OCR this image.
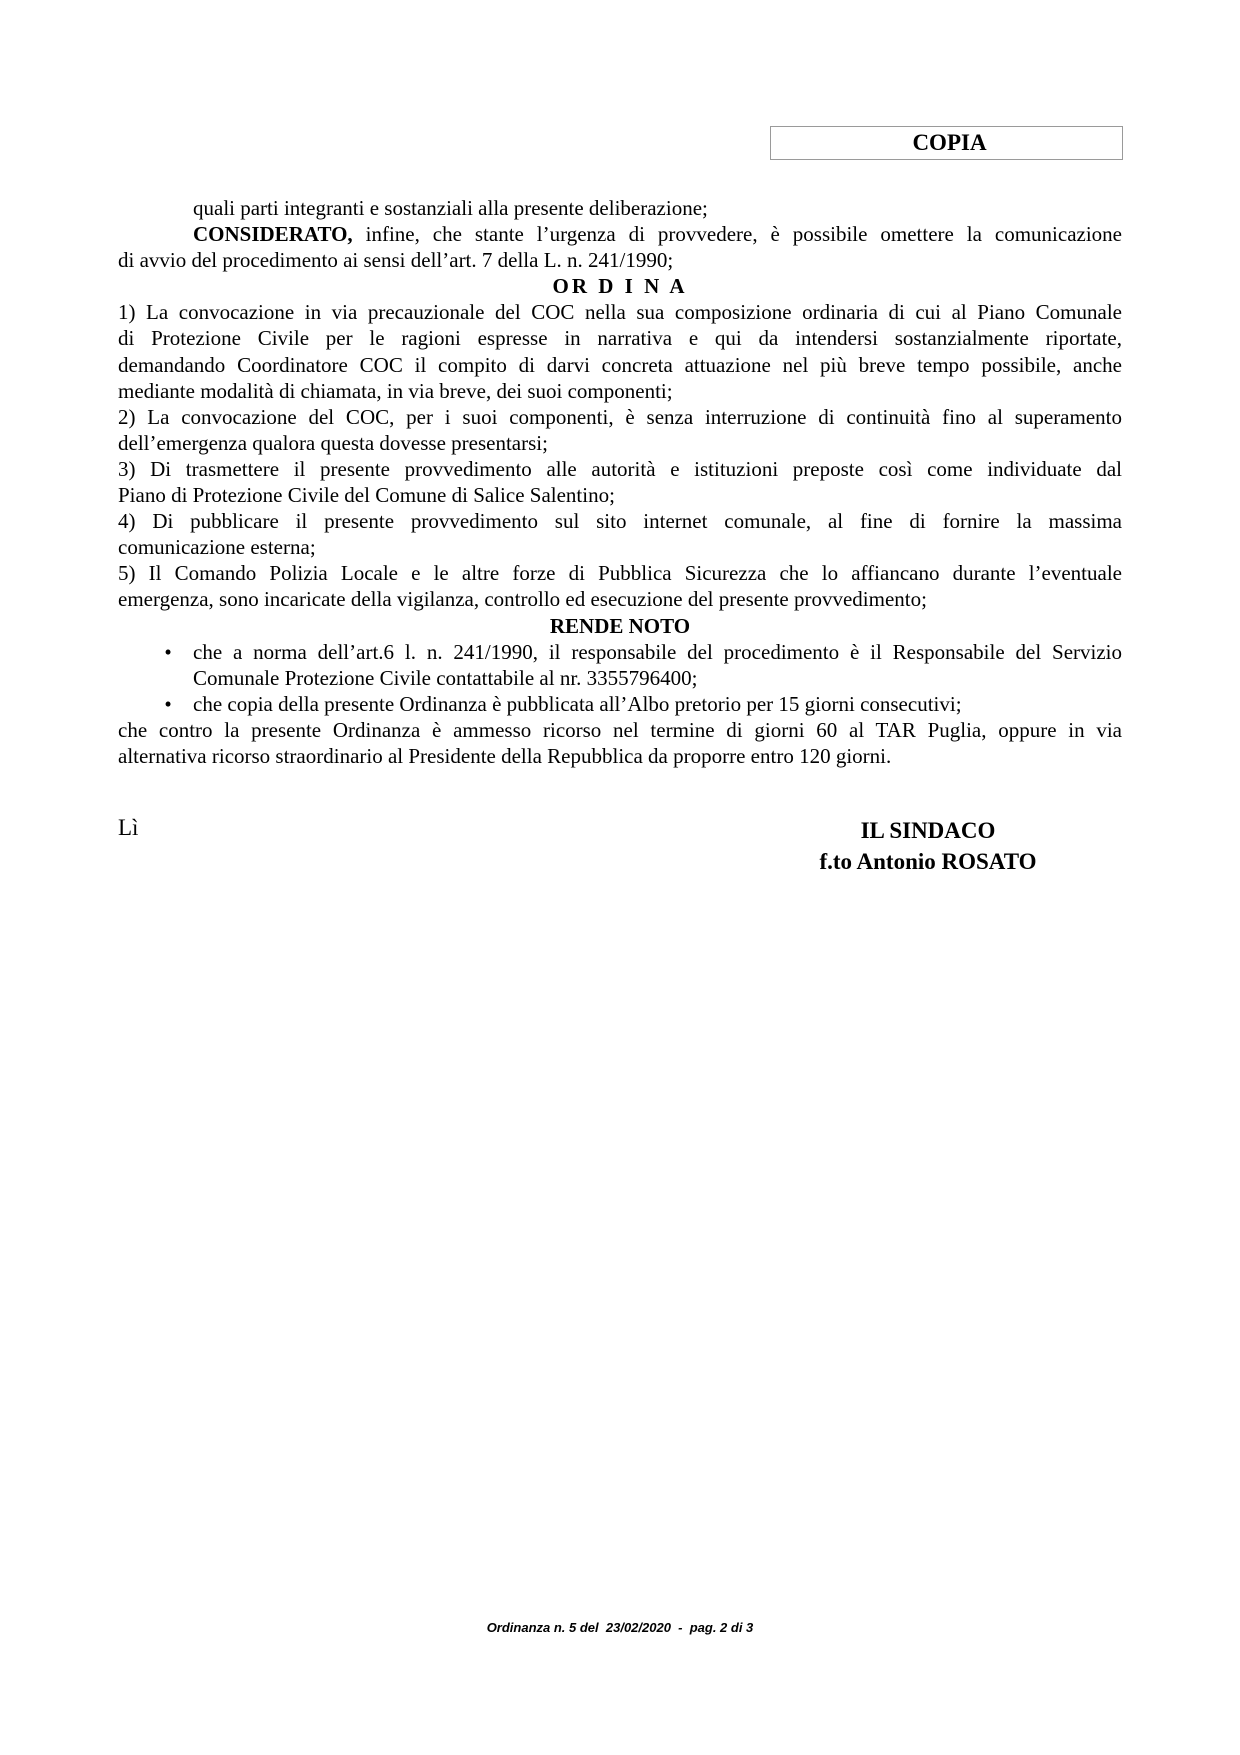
COPIA
quali parti integranti e sostanziali alla presente deliberazione;
CONSIDERATO, infine, che stante l’urgenza di provvedere, è possibile omettere la comunicazione
di avvio del procedimento ai sensi dell’art. 7 della L. n. 241/1990;
OR D I N A
1) La convocazione in via precauzionale del COC nella sua composizione ordinaria di cui al Piano Comunale
di Protezione Civile per le ragioni espresse in narrativa e qui da intendersi sostanzialmente riportate,
demandando Coordinatore COC il compito di darvi concreta attuazione nel più breve tempo possibile, anche
mediante modalità di chiamata, in via breve, dei suoi componenti;
2) La convocazione del COC, per i suoi componenti, è senza interruzione di continuità fino al superamento
dell’emergenza qualora questa dovesse presentarsi;
3) Di trasmettere il presente provvedimento alle autorità e istituzioni preposte così come individuate dal
Piano di Protezione Civile del Comune di Salice Salentino;
4) Di pubblicare il presente provvedimento sul sito internet comunale, al fine di fornire la massima
comunicazione esterna;
5) Il Comando Polizia Locale e le altre forze di Pubblica Sicurezza che lo affiancano durante l’eventuale
emergenza, sono incaricate della vigilanza, controllo ed esecuzione del presente provvedimento;
RENDE NOTO
•	che a norma dell’art.6 l. n. 241/1990, il responsabile del procedimento è il Responsabile del Servizio
Comunale Protezione Civile contattabile al nr. 3355796400;
•	che copia della presente Ordinanza è pubblicata all’Albo pretorio per 15 giorni consecutivi;
che contro la presente Ordinanza è ammesso ricorso nel termine di giorni 60 al TAR Puglia, oppure in via
alternativa ricorso straordinario al Presidente della Repubblica da proporre entro 120 giorni.
Lì	IL SINDACO
f.to Antonio ROSATO
Ordinanza n. 5 del  23/02/2020  -  pag. 2 di 3
